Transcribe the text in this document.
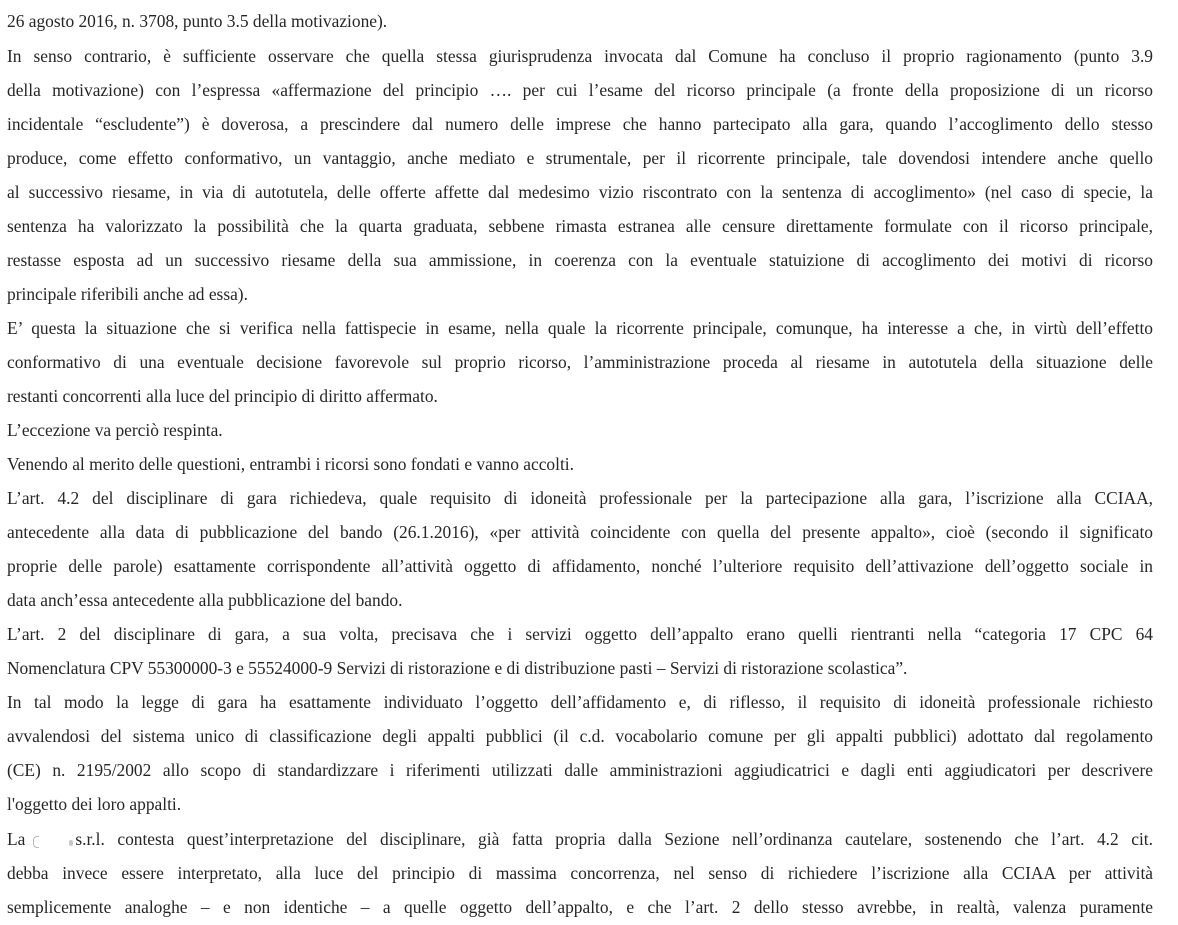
26 agosto 2016, n. 3708, punto 3.5 della motivazione).
In senso contrario, è sufficiente osservare che quella stessa giurisprudenza invocata dal Comune ha concluso il proprio ragionamento (punto 3.9
della motivazione) con l’espressa «affermazione del principio …. per cui l’esame del ricorso principale (a fronte della proposizione di un ricorso
incidentale “escludente”) è doverosa, a prescindere dal numero delle imprese che hanno partecipato alla gara, quando l’accoglimento dello stesso
produce, come effetto conformativo, un vantaggio, anche mediato e strumentale, per il ricorrente principale, tale dovendosi intendere anche quello
al successivo riesame, in via di autotutela, delle offerte affette dal medesimo vizio riscontrato con la sentenza di accoglimento» (nel caso di specie, la
sentenza ha valorizzato la possibilità che la quarta graduata, sebbene rimasta estranea alle censure direttamente formulate con il ricorso principale,
restasse esposta ad un successivo riesame della sua ammissione, in coerenza con la eventuale statuizione di accoglimento dei motivi di ricorso
principale riferibili anche ad essa).
E’ questa la situazione che si verifica nella fattispecie in esame, nella quale la ricorrente principale, comunque, ha interesse a che, in virtù dell’effetto
conformativo di una eventuale decisione favorevole sul proprio ricorso, l’amministrazione proceda al riesame in autotutela della situazione delle
restanti concorrenti alla luce del principio di diritto affermato.
L’eccezione va perciò respinta.
Venendo al merito delle questioni, entrambi i ricorsi sono fondati e vanno accolti.
L’art. 4.2 del disciplinare di gara richiedeva, quale requisito di idoneità professionale per la partecipazione alla gara, l’iscrizione alla CCIAA,
antecedente alla data di pubblicazione del bando (26.1.2016), «per attività coincidente con quella del presente appalto», cioè (secondo il significato
proprie delle parole) esattamente corrispondente all’attività oggetto di affidamento, nonché l’ulteriore requisito dell’attivazione dell’oggetto sociale in
data anch’essa antecedente alla pubblicazione del bando.
L’art. 2 del disciplinare di gara, a sua volta, precisava che i servizi oggetto dell’appalto erano quelli rientranti nella “categoria 17 CPC 64
Nomenclatura CPV 55300000-3 e 55524000-9 Servizi di ristorazione e di distribuzione pasti – Servizi di ristorazione scolastica”.
In tal modo la legge di gara ha esattamente individuato l’oggetto dell’affidamento e, di riflesso, il requisito di idoneità professionale richiesto
avvalendosi del sistema unico di classificazione degli appalti pubblici (il c.d. vocabolario comune per gli appalti pubblici) adottato dal regolamento
(CE) n. 2195/2002 allo scopo di standardizzare i riferimenti utilizzati dalle amministrazioni aggiudicatrici e dagli enti aggiudicatori per descrivere
l'oggetto dei loro appalti.
La	s.r.l. contesta quest’interpretazione del disciplinare, già fatta propria dalla Sezione nell’ordinanza cautelare, sostenendo che l’art. 4.2 cit.
debba invece essere interpretato, alla luce del principio di massima concorrenza, nel senso di richiedere l’iscrizione alla CCIAA per attività
semplicemente analoghe – e non identiche – a quelle oggetto dell’appalto, e che l’art. 2 dello stesso avrebbe, in realtà, valenza puramente
